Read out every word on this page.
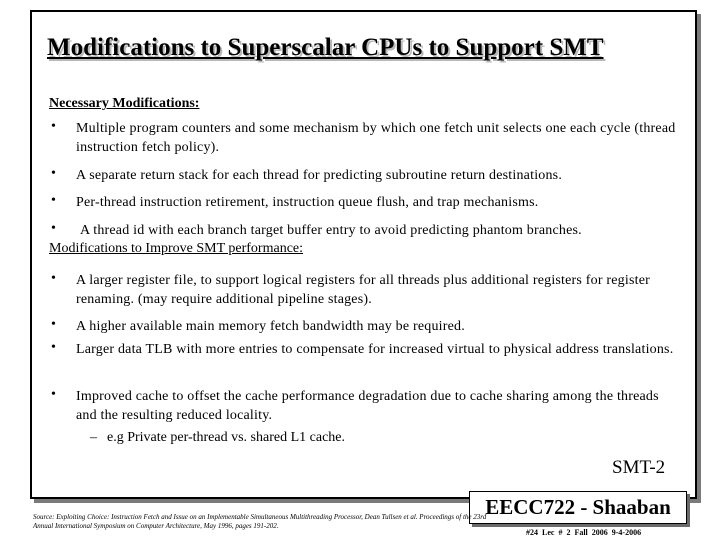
Modifications to Superscalar CPUs to Support SMT
Necessary Modifications:
• Multiple program counters and some mechanism by which one fetch unit selects one each cycle (thread instruction fetch policy).
• A separate return stack for each thread for predicting subroutine return destinations.
• Per-thread instruction retirement, instruction queue flush, and trap mechanisms.
• A thread id with each branch target buffer entry to avoid predicting phantom branches.
Modifications to Improve SMT performance:
• A larger register file, to support logical registers for all threads plus additional registers for register renaming. (may require additional pipeline stages).
• A higher available main memory fetch bandwidth may be required.
• Larger data TLB with more entries to compensate for increased virtual to physical address translations.
• Improved cache to offset the cache performance degradation due to cache sharing among the threads and the resulting reduced locality.
– e.g Private per-thread vs. shared L1 cache.
SMT-2
EECC722 - Shaaban
Source: Exploiting Choice: Instruction Fetch and Issue on an Implementable Simultaneous Multithreading Processor, Dean Tullsen et al. Proceedings of the 23rd Annual International Symposium on Computer Architecture, May 1996, pages 191-202.
#24 Lec # 2 Fall 2006 9-4-2006
